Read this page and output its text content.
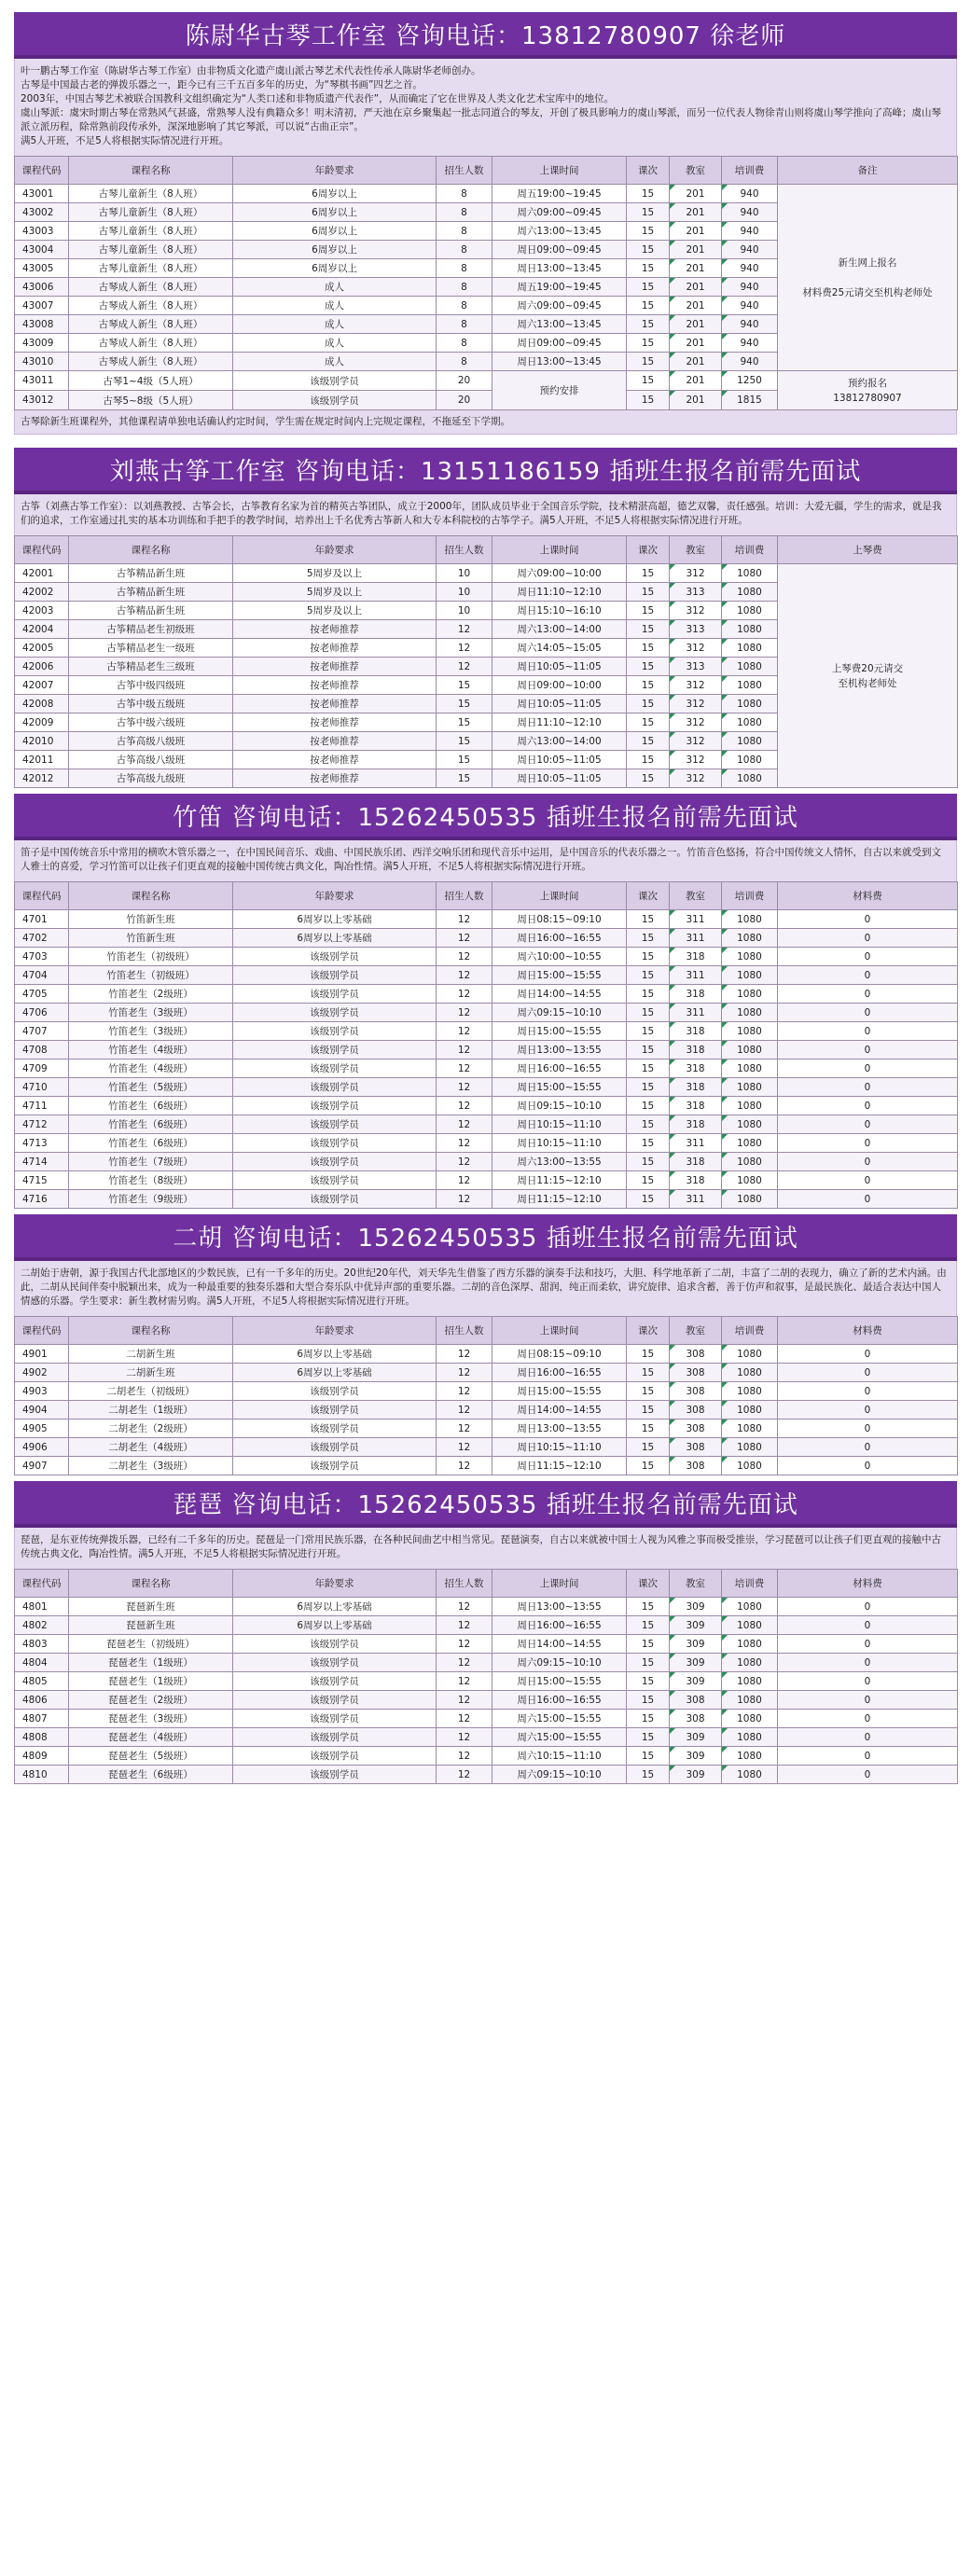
陈尉华古琴工作室 咨询电话：13812780907 徐老师

叶一鹏古琴工作室（陈尉华古琴工作室）由非物质文化遗产虞山派古琴艺术代表性传承人陈尉华老师创办。

古琴是中国最古老的弹拨乐器之一，距今已有三千五百多年的历史，为“琴棋书画”四艺之首。

2003年，中国古琴艺术被联合国教科文组织确定为“人类口述和非物质遗产代表作”，从而确定了它在世界及人类文化艺术宝库中的地位。

虞山琴派：虞宋时期古琴在常熟风气甚盛，常熟琴人没有典籍众多！明末清初，严天池在京乡聚集起一批志同道合的琴友，开创了极具影响力的虞山琴派，而另一位代表人物徐青山则将虞山琴学推向了高峰；虞山琴派立派历程，除常熟前段传承外，深深地影响了其它琴派，可以说“古曲正宗”。

满5人开班，不足5人将根据实际情况进行开班。

课程代码	课程名称	年龄要求	招生人数	上课时间	课次	教室	培训费	备注
43001	古琴儿童新生（8人班）	6周岁以上	8	周五19:00~19:45	15	201	940	新生网上报名

材料费25元请交至机构老师处
43002	古琴儿童新生（8人班）	6周岁以上	8	周六09:00~09:45	15	201	940	
43003	古琴儿童新生（8人班）	6周岁以上	8	周六13:00~13:45	15	201	940	
43004	古琴儿童新生（8人班）	6周岁以上	8	周日09:00~09:45	15	201	940	
43005	古琴儿童新生（8人班）	6周岁以上	8	周日13:00~13:45	15	201	940	
43006	古琴成人新生（8人班）	成人	8	周五19:00~19:45	15	201	940	
43007	古琴成人新生（8人班）	成人	8	周六09:00~09:45	15	201	940	
43008	古琴成人新生（8人班）	成人	8	周六13:00~13:45	15	201	940	
43009	古琴成人新生（8人班）	成人	8	周日09:00~09:45	15	201	940	
43010	古琴成人新生（8人班）	成人	8	周日13:00~13:45	15	201	940	
43011	古琴1~4级（5人班）	该级别学员	20	预约安排	15	201	1250	预约报名
13812780907
43012	古琴5~8级（5人班）	该级别学员	20		15	201	1815	
古琴除新生班课程外，其他课程请单独电话确认约定时间，学生需在规定时间内上完规定课程，不拖延至下学期。
刘燕古筝工作室 咨询电话：13151186159 插班生报名前需先面试

古筝（刘燕古筝工作室）：以刘燕教授、古筝会长，古筝教育名家为首的精英古筝团队，成立于2000年，团队成员毕业于全国音乐学院，技术精湛高超，德艺双馨，责任感强。培训：大爱无疆，学生的需求，就是我们的追求，工作室通过扎实的基本功训练和手把手的教学时间，培养出上千名优秀古筝新人和大专本科院校的古筝学子。满5人开班，不足5人将根据实际情况进行开班。

课程代码	课程名称	年龄要求	招生人数	上课时间	课次	教室	培训费	上琴费
42001	古筝精品新生班	5周岁及以上	10	周六09:00~10:00	15	312	1080	上琴费20元请交
至机构老师处
42002	古筝精品新生班	5周岁及以上	10	周日11:10~12:10	15	313	1080	
42003	古筝精品新生班	5周岁及以上	10	周日15:10~16:10	15	312	1080	
42004	古筝精品老生初级班	按老师推荐	12	周六13:00~14:00	15	313	1080	
42005	古筝精品老生一级班	按老师推荐	12	周六14:05~15:05	15	312	1080	
42006	古筝精品老生三级班	按老师推荐	12	周日10:05~11:05	15	313	1080	
42007	古筝中级四级班	按老师推荐	15	周日09:00~10:00	15	312	1080	
42008	古筝中级五级班	按老师推荐	15	周日10:05~11:05	15	312	1080	
42009	古筝中级六级班	按老师推荐	15	周日11:10~12:10	15	312	1080	
42010	古筝高级八级班	按老师推荐	15	周六13:00~14:00	15	312	1080	
42011	古筝高级八级班	按老师推荐	15	周日10:05~11:05	15	312	1080	
42012	古筝高级九级班	按老师推荐	15	周日10:05~11:05	15	312	1080	
竹笛 咨询电话：15262450535 插班生报名前需先面试

笛子是中国传统音乐中常用的横吹木管乐器之一，在中国民间音乐、戏曲、中国民族乐团、西洋交响乐团和现代音乐中运用，是中国音乐的代表乐器之一。竹笛音色悠扬，符合中国传统文人情怀，自古以来就受到文人雅士的喜爱，学习竹笛可以让孩子们更直观的接触中国传统古典文化，陶冶性情。满5人开班，不足5人将根据实际情况进行开班。

课程代码	课程名称	年龄要求	招生人数	上课时间	课次	教室	培训费	材料费
4701	竹笛新生班	6周岁以上零基础	12	周日08:15~09:10	15	311	1080	0
4702	竹笛新生班	6周岁以上零基础	12	周日16:00~16:55	15	311	1080	0
4703	竹笛老生（初级班）	该级别学员	12	周六10:00~10:55	15	318	1080	0
4704	竹笛老生（初级班）	该级别学员	12	周日15:00~15:55	15	311	1080	0
4705	竹笛老生（2级班）	该级别学员	12	周日14:00~14:55	15	318	1080	0
4706	竹笛老生（3级班）	该级别学员	12	周六09:15~10:10	15	311	1080	0
4707	竹笛老生（3级班）	该级别学员	12	周日15:00~15:55	15	318	1080	0
4708	竹笛老生（4级班）	该级别学员	12	周日13:00~13:55	15	318	1080	0
4709	竹笛老生（4级班）	该级别学员	12	周日16:00~16:55	15	318	1080	0
4710	竹笛老生（5级班）	该级别学员	12	周日15:00~15:55	15	318	1080	0
4711	竹笛老生（6级班）	该级别学员	12	周日09:15~10:10	15	318	1080	0
4712	竹笛老生（6级班）	该级别学员	12	周日10:15~11:10	15	318	1080	0
4713	竹笛老生（6级班）	该级别学员	12	周日10:15~11:10	15	311	1080	0
4714	竹笛老生（7级班）	该级别学员	12	周六13:00~13:55	15	318	1080	0
4715	竹笛老生（8级班）	该级别学员	12	周日11:15~12:10	15	318	1080	0
4716	竹笛老生（9级班）	该级别学员	12	周日11:15~12:10	15	311	1080	0
二胡 咨询电话：15262450535 插班生报名前需先面试

二胡始于唐朝，源于我国古代北部地区的少数民族，已有一千多年的历史。20世纪20年代，刘天华先生借鉴了西方乐器的演奏手法和技巧，大胆、科学地革新了二胡，丰富了二胡的表现力，确立了新的艺术内涵。由此，二胡从民间伴奏中脱颖出来，成为一种最重要的独奏乐器和大型合奏乐队中优异声部的重要乐器。二胡的音色深厚、甜润，纯正而柔软，讲究旋律、追求含蓄，善于仿声和叙事，是最民族化、最适合表达中国人情感的乐器。学生要求：新生教材需另购。满5人开班，不足5人将根据实际情况进行开班。

课程代码	课程名称	年龄要求	招生人数	上课时间	课次	教室	培训费	材料费
4901	二胡新生班	6周岁以上零基础	12	周日08:15~09:10	15	308	1080	0
4902	二胡新生班	6周岁以上零基础	12	周日16:00~16:55	15	308	1080	0
4903	二胡老生（初级班）	该级别学员	12	周日15:00~15:55	15	308	1080	0
4904	二胡老生（1级班）	该级别学员	12	周日14:00~14:55	15	308	1080	0
4905	二胡老生（2级班）	该级别学员	12	周日13:00~13:55	15	308	1080	0
4906	二胡老生（4级班）	该级别学员	12	周日10:15~11:10	15	308	1080	0
4907	二胡老生（3级班）	该级别学员	12	周日11:15~12:10	15	308	1080	0
琵琶 咨询电话：15262450535 插班生报名前需先面试

琵琶，是东亚传统弹拨乐器，已经有二千多年的历史。琵琶是一门常用民族乐器，在各种民间曲艺中相当常见。琵琶演奏，自古以来就被中国士人视为风雅之事而极受推崇，学习琵琶可以让孩子们更直观的接触中古传统古典文化，陶冶性情。满5人开班，不足5人将根据实际情况进行开班。

课程代码	课程名称	年龄要求	招生人数	上课时间	课次	教室	培训费	材料费
4801	琵琶新生班	6周岁以上零基础	12	周日13:00~13:55	15	309	1080	0
4802	琵琶新生班	6周岁以上零基础	12	周日16:00~16:55	15	309	1080	0
4803	琵琶老生（初级班）	该级别学员	12	周日14:00~14:55	15	309	1080	0
4804	琵琶老生（1级班）	该级别学员	12	周六09:15~10:10	15	309	1080	0
4805	琵琶老生（1级班）	该级别学员	12	周日15:00~15:55	15	309	1080	0
4806	琵琶老生（2级班）	该级别学员	12	周日16:00~16:55	15	308	1080	0
4807	琵琶老生（3级班）	该级别学员	12	周六15:00~15:55	15	308	1080	0
4808	琵琶老生（4级班）	该级别学员	12	周六15:00~15:55	15	309	1080	0
4809	琵琶老生（5级班）	该级别学员	12	周六10:15~11:10	15	309	1080	0
4810	琵琶老生（6级班）	该级别学员	12	周六09:15~10:10	15	309	1080	0
